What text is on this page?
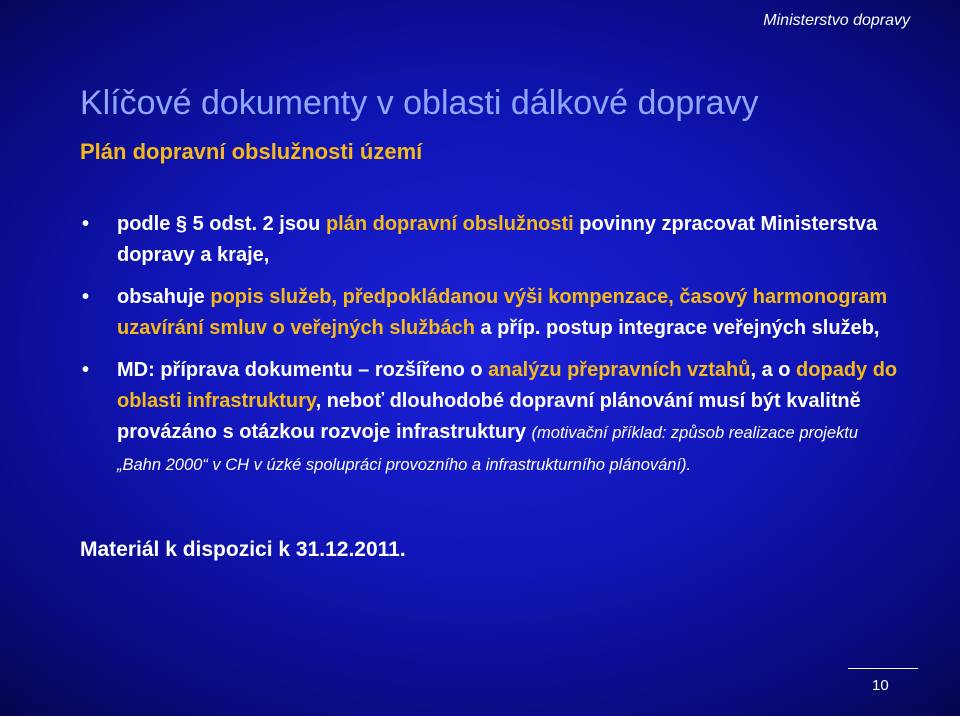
Ministerstvo dopravy
Klíčové dokumenty v oblasti dálkové dopravy
Plán dopravní obslužnosti území
• podle § 5 odst. 2 jsou plán dopravní obslužnosti povinny zpracovat Ministerstva dopravy a kraje,
• obsahuje popis služeb, předpokládanou výši kompenzace, časový harmonogram uzavírání smluv o veřejných službách a příp. postup integrace veřejných služeb,
• MD: příprava dokumentu – rozšířeno o analýzu přepravních vztahů, a o dopady do oblasti infrastruktury, neboť dlouhodobé dopravní plánování musí být kvalitně provázáno s otázkou rozvoje infrastruktury (motivační příklad: způsob realizace projektu „Bahn 2000“ v CH v úzké spolupráci provozního a infrastrukturního plánování).
Materiál k dispozici k 31.12.2011.
10
